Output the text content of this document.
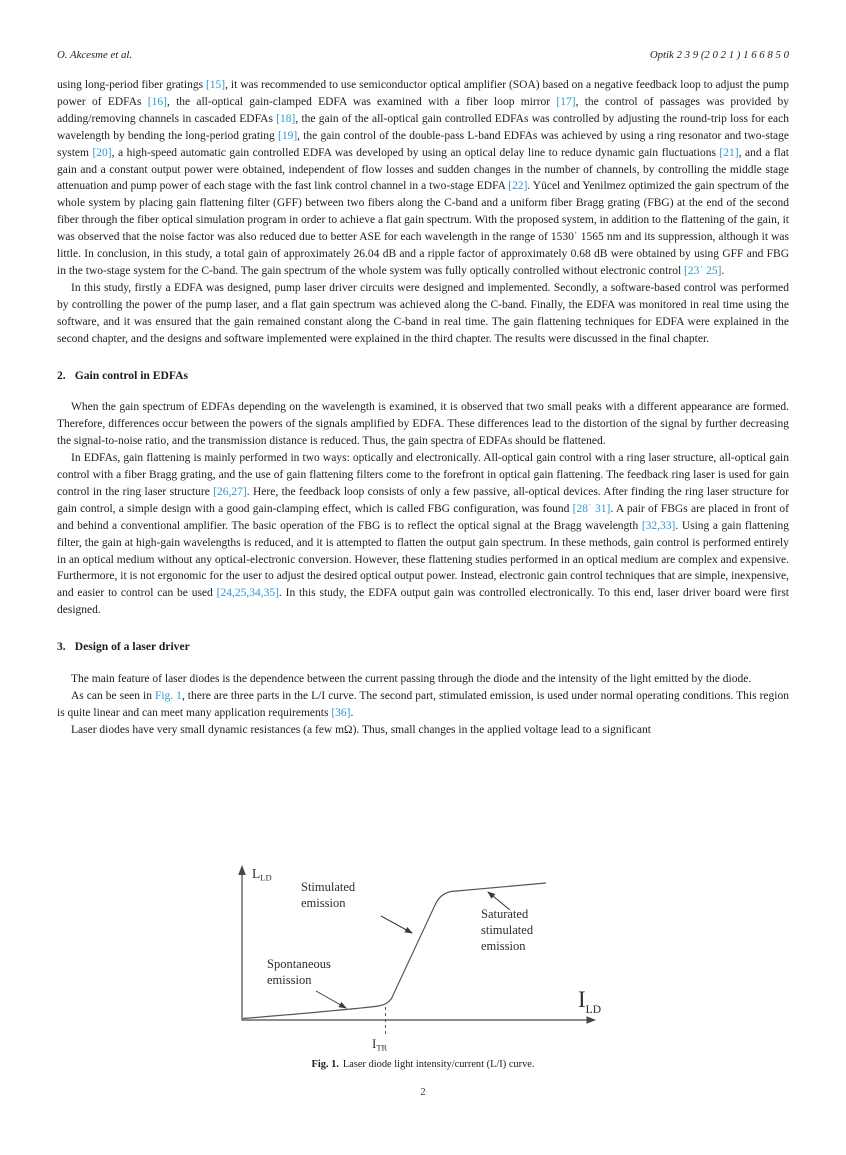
O. Akcesme et al.	Optik 2 3 9 (2 0 2 1 ) 1 6 6 8 5 0

using long-period fiber gratings [15], it was recommended to use semiconductor optical amplifier (SOA) based on a negative feedback loop to adjust the pump power of EDFAs [16], the all-optical gain-clamped EDFA was examined with a fiber loop mirror [17], the control of passages was provided by adding/removing channels in cascaded EDFAs [18], the gain of the all-optical gain controlled EDFAs was controlled by adjusting the round-trip loss for each wavelength by bending the long-period grating [19], the gain control of the double-pass L-band EDFAs was achieved by using a ring resonator and two-stage system [20], a high-speed automatic gain controlled EDFA was developed by using an optical delay line to reduce dynamic gain fluctuations [21], and a flat gain and a constant output power were obtained, independent of flow losses and sudden changes in the number of channels, by controlling the middle stage attenuation and pump power of each stage with the fast link control channel in a two-stage EDFA [22]. Yücel and Yenilmez optimized the gain spectrum of the whole system by placing gain flattening filter (GFF) between two fibers along the C-band and a uniform fiber Bragg grating (FBG) at the end of the second fiber through the fiber optical simulation program in order to achieve a flat gain spectrum. With the proposed system, in addition to the flattening of the gain, it was observed that the noise factor was also reduced due to better ASE for each wavelength in the range of 1530ˈ 1565 nm and its suppression, although it was little. In conclusion, in this study, a total gain of approximately 26.04 dB and a ripple factor of approximately 0.68 dB were obtained by using GFF and FBG in the two-stage system for the C-band. The gain spectrum of the whole system was fully optically controlled without electronic control [23ˈ 25].

In this study, firstly a EDFA was designed, pump laser driver circuits were designed and implemented. Secondly, a software-based control was performed by controlling the power of the pump laser, and a flat gain spectrum was achieved along the C-band. Finally, the EDFA was monitored in real time using the software, and it was ensured that the gain remained constant along the C-band in real time. The gain flattening techniques for EDFA were explained in the second chapter, and the designs and software implemented were explained in the third chapter. The results were discussed in the final chapter.

2. Gain control in EDFAs

When the gain spectrum of EDFAs depending on the wavelength is examined, it is observed that two small peaks with a different appearance are formed. Therefore, differences occur between the powers of the signals amplified by EDFA. These differences lead to the distortion of the signal by further decreasing the signal-to-noise ratio, and the transmission distance is reduced. Thus, the gain spectra of EDFAs should be flattened.

In EDFAs, gain flattening is mainly performed in two ways: optically and electronically. All-optical gain control with a ring laser structure, all-optical gain control with a fiber Bragg grating, and the use of gain flattening filters come to the forefront in optical gain flattening. The feedback ring laser is used for gain control in the ring laser structure [26,27]. Here, the feedback loop consists of only a few passive, all-optical devices. After finding the ring laser structure for gain control, a simple design with a good gain-clamping effect, which is called FBG configuration, was found [28ˈ 31]. A pair of FBGs are placed in front of and behind a conventional amplifier. The basic operation of the FBG is to reflect the optical signal at the Bragg wavelength [32,33]. Using a gain flattening filter, the gain at high-gain wavelengths is reduced, and it is attempted to flatten the output gain spectrum. In these methods, gain control is performed entirely in an optical medium without any optical-electronic conversion. However, these flattening studies performed in an optical medium are complex and expensive. Furthermore, it is not ergonomic for the user to adjust the desired optical output power. Instead, electronic gain control techniques that are simple, inexpensive, and easier to control can be used [24,25,34,35]. In this study, the EDFA output gain was controlled electronically. To this end, laser driver board were first designed.

3. Design of a laser driver

The main feature of laser diodes is the dependence between the current passing through the diode and the intensity of the light emitted by the diode.

As can be seen in Fig. 1, there are three parts in the L/I curve. The second part, stimulated emission, is used under normal operating conditions. This region is quite linear and can meet many application requirements [36].

Laser diodes have very small dynamic resistances (a few mΩ). Thus, small changes in the applied voltage lead to a significant

LLD
$I_{LD}$
ITR
Stimulated
emission
Spontaneous
emission
Saturated
stimulated
emission
Fig. 1. Laser diode light intensity/current (L/I) curve.
2
